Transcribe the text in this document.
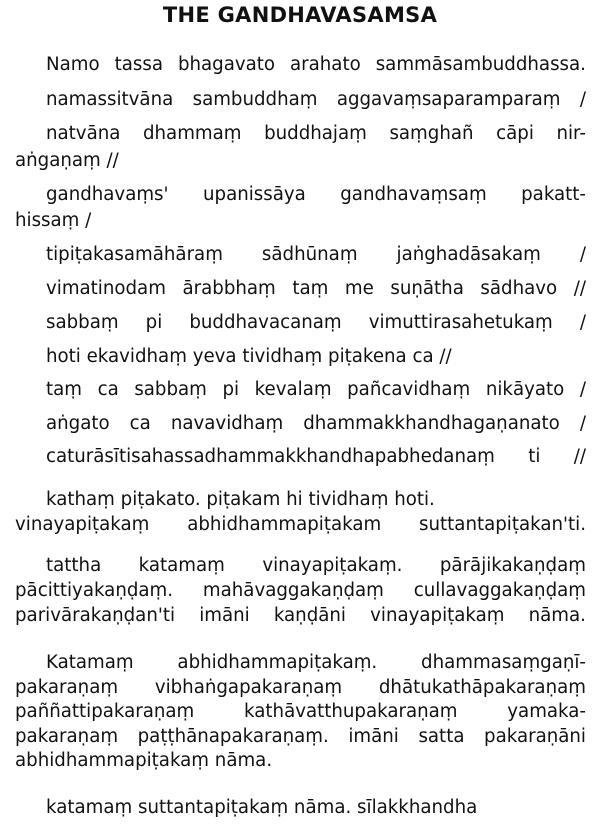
THE GANDHAVASAMSA

Namo tassa bhagavato arahato sammāsambuddhassa.

namassitvāna sambuddhaṃ aggavaṃsaparamparaṃ /

natvāna dhammaṃ buddhajaṃ saṃghañ cāpi nir-

aṅgaṇaṃ //

gandhavaṃs' upanissāya gandhavaṃsaṃ pakatt-

hissaṃ /

tipiṭakasamāhāraṃ sādhūnaṃ jaṅghadāsakaṃ /

vimatinodam ārabbhaṃ taṃ me suṇātha sādhavo //

sabbaṃ pi buddhavacanaṃ vimuttirasahetukaṃ /

hoti ekavidhaṃ yeva tividhaṃ piṭakena ca //

taṃ ca sabbaṃ pi kevalaṃ pañcavidhaṃ nikāyato /

aṅgato ca navavidhaṃ dhammakkhandhagaṇanato /

caturāsītisahassadhammakkhandhapabhedanaṃ ti //

kathaṃ piṭakato. piṭakam hi tividhaṃ hoti.

vinayapiṭakaṃ abhidhammapiṭakam suttantapiṭakan'ti.

tattha katamaṃ vinayapiṭakaṃ. pārājikakaṇḍaṃ

pācittiyakaṇḍaṃ. mahāvaggakaṇḍaṃ cullavaggakaṇḍaṃ

parivārakaṇḍan'ti imāni kaṇḍāni vinayapiṭakaṃ nāma.

Katamaṃ abhidhammapiṭakaṃ. dhammasaṃgaṇī-

pakaraṇaṃ vibhaṅgapakaraṇaṃ dhātukathāpakaraṇaṃ

paññattipakaraṇaṃ	kathāvatthupakaraṇaṃ	yamaka-

pakaraṇaṃ paṭṭhānapakaraṇaṃ. imāni satta pakaraṇāni

abhidhammapiṭakaṃ nāma.

katamaṃ suttantapiṭakaṃ nāma. sīlakkhandha
